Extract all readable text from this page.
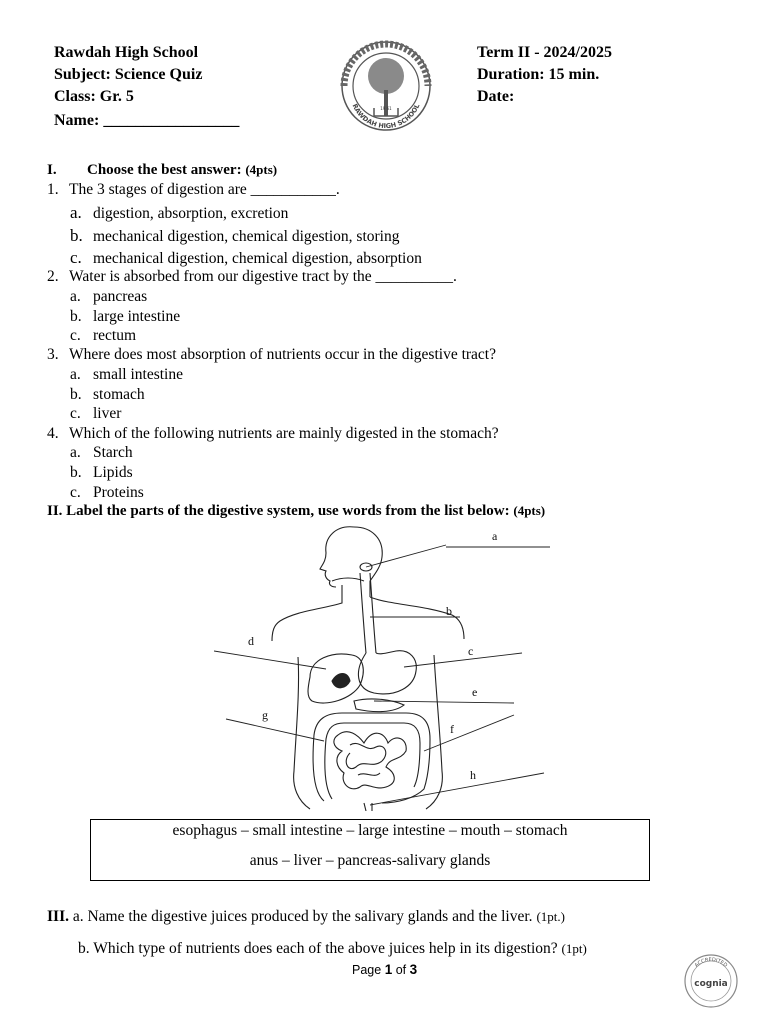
Rawdah High School
Subject: Science Quiz
Class: Gr. 5
Name: _________________
19 61
RAWDAH HIGH SCHOOL
Term II - 2024/2025
Duration: 15 min.
Date:
I. Choose the best answer: (4pts)
1. The 3 stages of digestion are ___________.
a. digestion, absorption, excretion
b. mechanical digestion, chemical digestion, storing
c. mechanical digestion, chemical digestion, absorption
2. Water is absorbed from our digestive tract by the __________.
a. pancreas
b. large intestine
c. rectum
3. Where does most absorption of nutrients occur in the digestive tract?
a. small intestine
b. stomach
c. liver
4. Which of the following nutrients are mainly digested in the stomach?
a. Starch
b. Lipids
c. Proteins
II. Label the parts of the digestive system, use words from the list below: (4pts)
a
b
c
d
e
f
g
h
esophagus – small intestine – large intestine – mouth – stomach
anus – liver – pancreas-salivary glands
III. a. Name the digestive juices produced by the salivary glands and the liver. (1pt.)
b. Which type of nutrients does each of the above juices help in its digestion? (1pt)
Page 1 of 3	ACCREDITED
cognia
